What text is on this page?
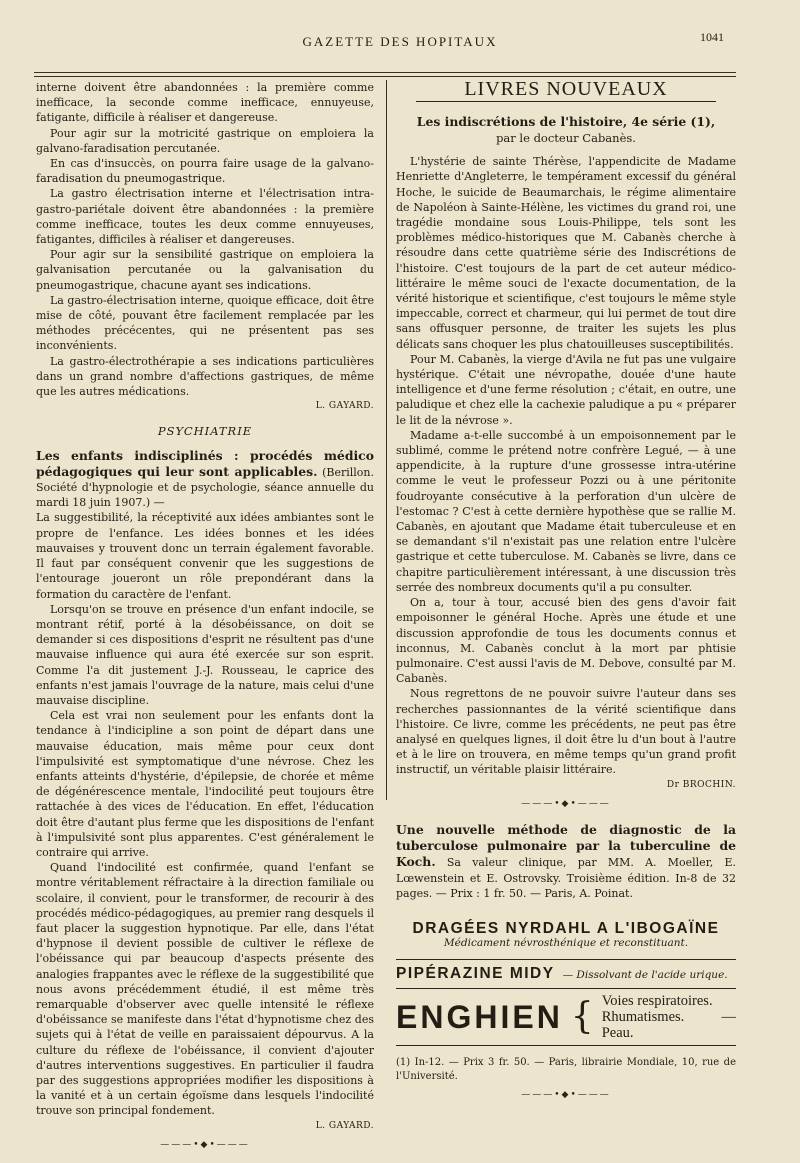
GAZETTE DES HOPITAUX	1041

interne doivent être abandonnées : la première comme inefficace, la seconde comme inefficace, ennuyeuse, fatigante, difficile à réaliser et dangereuse.

Pour agir sur la motricité gastrique on emploiera la galvano-faradisation percutanée.

En cas d'insuccès, on pourra faire usage de la galvano-faradisation du pneumogastrique.

La gastro électrisation interne et l'électrisation intra-gastro-pariétale doivent être abandonnées : la première comme inefficace, toutes les deux comme ennuyeuses, fatigantes, difficiles à réaliser et dangereuses.

Pour agir sur la sensibilité gastrique on emploiera la galvanisation percutanée ou la galvanisation du pneumogastrique, chacune ayant ses indications.

La gastro-électrisation interne, quoique efficace, doit être mise de côté, pouvant être facilement remplacée par les méthodes précécentes, qui ne présentent pas ses inconvénients.

La gastro-électrothérapie a ses indications particulières dans un grand nombre d'affections gastriques, de même que les autres médications.

L. GAYARD.
PSYCHIATRIE

Les enfants indisciplinés : procédés médico pédagogiques qui leur sont applicables. (Berillon. Société d'hypnologie et de psychologie, séance annuelle du mardi 18 juin 1907.) —

La suggestibilité, la réceptivité aux idées ambiantes sont le propre de l'enfance. Les idées bonnes et les idées mauvaises y trouvent donc un terrain également favorable. Il faut par conséquent convenir que les suggestions de l'entourage joueront un rôle prepondérant dans la formation du caractère de l'enfant.

Lorsqu'on se trouve en présence d'un enfant indocile, se montrant rétif, porté à la désobéissance, on doit se demander si ces dispositions d'esprit ne résultent pas d'une mauvaise influence qui aura été exercée sur son esprit. Comme l'a dit justement J.-J. Rousseau, le caprice des enfants n'est jamais l'ouvrage de la nature, mais celui d'une mauvaise discipline.

Cela est vrai non seulement pour les enfants dont la tendance à l'indicipline a son point de départ dans une mauvaise éducation, mais même pour ceux dont l'impulsivité est symptomatique d'une névrose. Chez les enfants atteints d'hystérie, d'épilepsie, de chorée et même de dégénérescence mentale, l'indocilité peut toujours être rattachée à des vices de l'éducation. En effet, l'éducation doit être d'autant plus ferme que les dispositions de l'enfant à l'impulsivité sont plus apparentes. C'est généralement le contraire qui arrive.

Quand l'indocilité est confirmée, quand l'enfant se montre véritablement réfractaire à la direction familiale ou scolaire, il convient, pour le transformer, de recourir à des procédés médico-pédagogiques, au premier rang desquels il faut placer la suggestion hypnotique. Par elle, dans l'état d'hypnose il devient possible de cultiver le réflexe de l'obéissance qui par beaucoup d'aspects présente des analogies frappantes avec le réflexe de la suggestibilité que nous avons précédemment étudié, il est même très remarquable d'observer avec quelle intensité le réflexe d'obéissance se manifeste dans l'état d'hypnotisme chez des sujets qui à l'état de veille en paraissaient dépourvus. A la culture du réflexe de l'obéissance, il convient d'ajouter d'autres interventions suggestives. En particulier il faudra par des suggestions appropriées modifier les dispositions à la vanité et à un certain égoïsme dans lesquels l'indocilité trouve son principal fondement.

L. GAYARD.
———•◆•———
LIVRES NOUVEAUX
Les indiscrétions de l'histoire, 4e série (1),
par le docteur Cabanès.

L'hystérie de sainte Thérèse, l'appendicite de Madame Henriette d'Angleterre, le tempérament excessif du général Hoche, le suicide de Beaumarchais, le régime alimentaire de Napoléon à Sainte-Hélène, les victimes du grand roi, une tragédie mondaine sous Louis-Philippe, tels sont les problèmes médico-historiques que M. Cabanès cherche à résoudre dans cette quatrième série des Indiscrétions de l'histoire. C'est toujours de la part de cet auteur médico-littéraire le même souci de l'exacte documentation, de la vérité historique et scientifique, c'est toujours le même style impeccable, correct et charmeur, qui lui permet de tout dire sans offusquer personne, de traiter les sujets les plus délicats sans choquer les plus chatouilleuses susceptibilités.

Pour M. Cabanès, la vierge d'Avila ne fut pas une vulgaire hystérique. C'était une névropathe, douée d'une haute intelligence et d'une ferme résolution ; c'était, en outre, une paludique et chez elle la cachexie paludique a pu « préparer le lit de la névrose ».

Madame a-t-elle succombé à un empoisonnement par le sublimé, comme le prétend notre confrère Legué, — à une appendicite, à la rupture d'une grossesse intra-utérine comme le veut le professeur Pozzi ou à une péritonite foudroyante consécutive à la perforation d'un ulcère de l'estomac ? C'est à cette dernière hypothèse que se rallie M. Cabanès, en ajoutant que Madame était tuberculeuse et en se demandant s'il n'existait pas une relation entre l'ulcère gastrique et cette tuberculose. M. Cabanès se livre, dans ce chapitre particulièrement intéressant, à une discussion très serrée des nombreux documents qu'il a pu consulter.

On a, tour à tour, accusé bien des gens d'avoir fait empoisonner le général Hoche. Après une étude et une discussion approfondie de tous les documents connus et inconnus, M. Cabanès conclut à la mort par phtisie pulmonaire. C'est aussi l'avis de M. Debove, consulté par M. Cabanès.

Nous regrettons de ne pouvoir suivre l'auteur dans ses recherches passionnantes de la vérité scientifique dans l'histoire. Ce livre, comme les précédents, ne peut pas être analysé en quelques lignes, il doit être lu d'un bout à l'autre et à le lire on trouvera, en même temps qu'un grand profit instructif, un véritable plaisir littéraire.

Dr BROCHIN.
———•◆•———

Une nouvelle méthode de diagnostic de la tuberculose pulmonaire par la tuberculine de Koch. Sa valeur clinique, par MM. A. Moeller, E. Lœwenstein et E. Ostrovsky. Troisième édition. In-8 de 32 pages. — Prix : 1 fr. 50. — Paris, A. Poinat.

DRAGÉES NYRDAHL A L'IBOGAÏNE
Médicament névrosthénique et reconstituant.
PIPÉRAZINE MIDY — Dissolvant de l'acide urique.
ENGHIEN { Voies respiratoires.
Rhumatismes. — Peau.
(1) In-12. — Prix 3 fr. 50. — Paris, librairie Mondiale, 10, rue de l'Université.
———•◆•———
